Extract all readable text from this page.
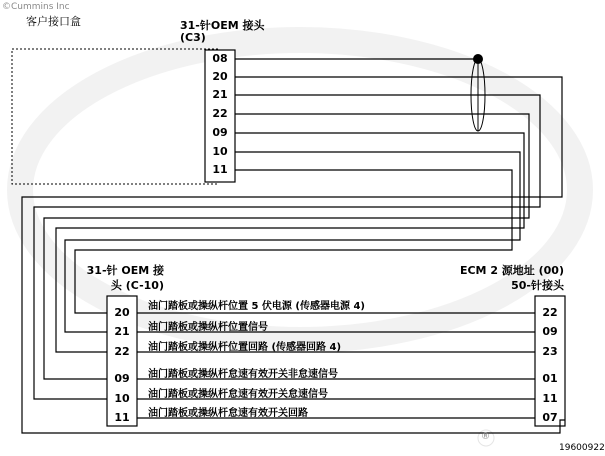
©Cummins Inc
客户接口盒	31-针OEM 接头
(C3)
08
20
21
22
09
10
11
31-针 OEM 接
头 (C-10)
20
21
22
09
10
11
ECM 2 源地址 (00)
50-针接头
22
09
23
01
11
07
油门踏板或操纵杆位置 5 伏电源 (传感器电源 4)
油门踏板或操纵杆位置信号
油门踏板或操纵杆位置回路 (传感器回路 4)
油门踏板或操纵杆怠速有效开关非怠速信号
油门踏板或操纵杆怠速有效开关怠速信号
油门踏板或操纵杆怠速有效开关回路
19600922
®
